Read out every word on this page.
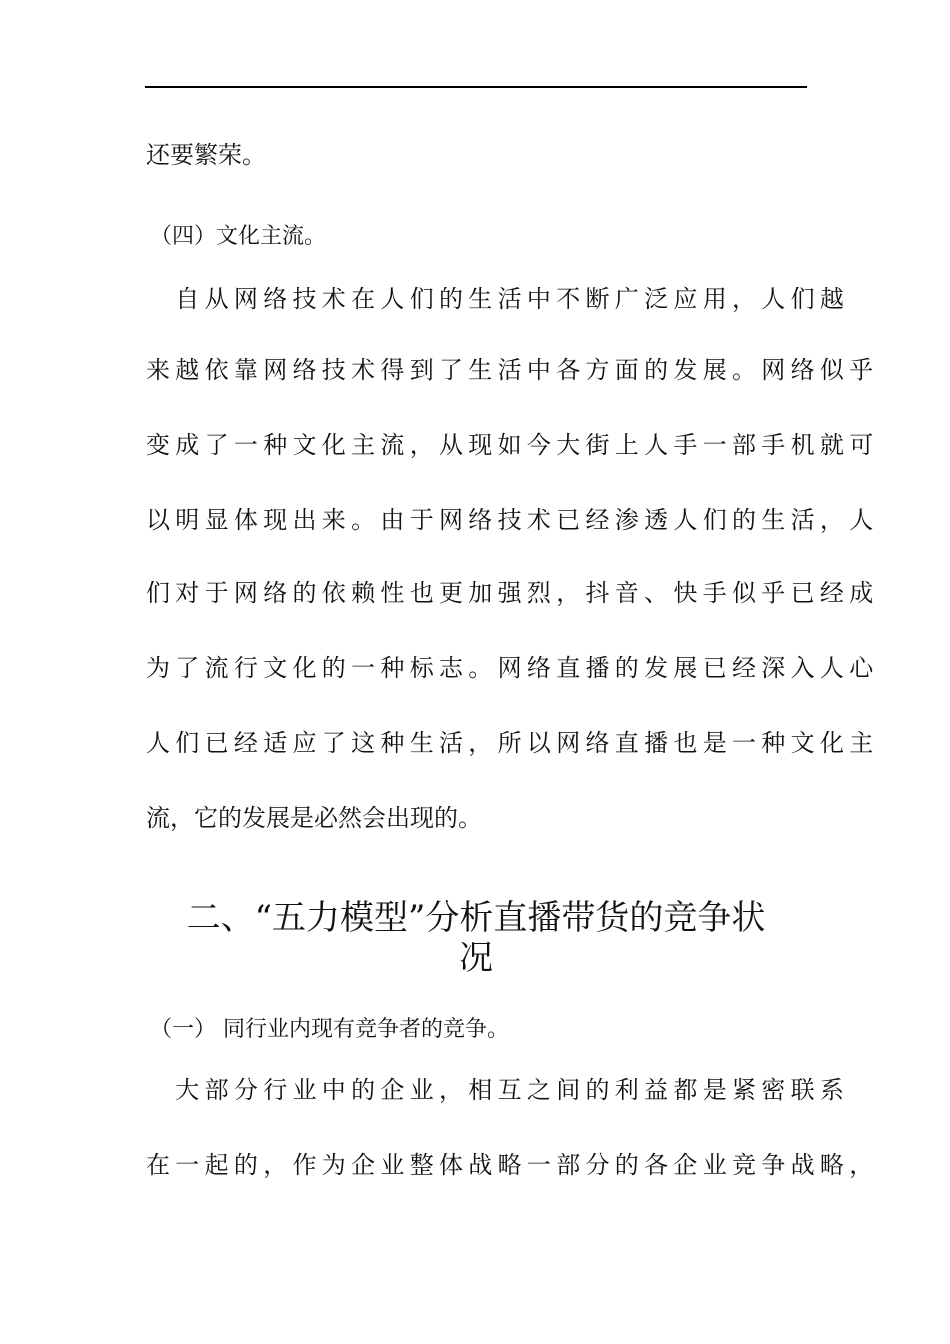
还要繁荣。

（四）文化主流。

　自从网络技术在人们的生活中不断广泛应用，人们越

来越依靠网络技术得到了生活中各方面的发展。网络似乎

变成了一种文化主流，从现如今大街上人手一部手机就可

以明显体现出来。由于网络技术已经渗透人们的生活，人

们对于网络的依赖性也更加强烈，抖音、快手似乎已经成

为了流行文化的一种标志。网络直播的发展已经深入人心

人们已经适应了这种生活，所以网络直播也是一种文化主

流，它的发展是必然会出现的。

二、“五力模型”分析直播带货的竞争状
况

（一） 同行业内现有竞争者的竞争。

　大部分行业中的企业，相互之间的利益都是紧密联系

在一起的，作为企业整体战略一部分的各企业竞争战略，
